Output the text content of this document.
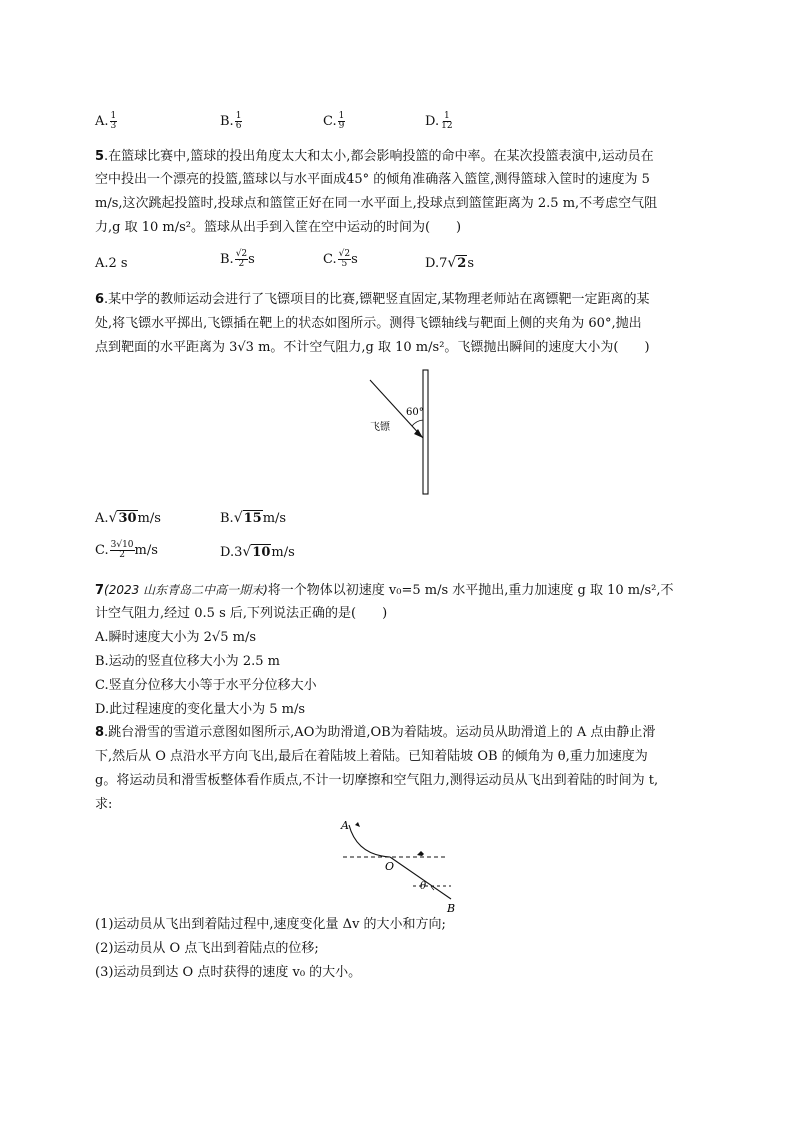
A. $\frac{1}{3}$	B. $\frac{1}{6}$	C. $\frac{1}{9}$	D. $\frac{1}{12}$
5.在篮球比赛中,篮球的投出角度太大和太小,都会影响投篮的命中率。在某次投篮表演中,运动员在
空中投出一个漂亮的投篮,篮球以与水平面成45° 的倾角准确落入篮筐,测得篮球入筐时的速度为 5
m/s,这次跳起投篮时,投球点和篮筐正好在同一水平面上,投球点到篮筐距离为 2.5 m,不考虑空气阻
力,g 取 10 m/s²。篮球从出手到入筐在空中运动的时间为(　　)
A. 2 s	B. $\frac{√2}{2}$ s	C. $\frac{√2}{5}$ s	D. 7 √ 2 s
6.某中学的教师运动会进行了飞镖项目的比赛,镖靶竖直固定,某物理老师站在离镖靶一定距离的某
处,将飞镖水平掷出,飞镖插在靶上的状态如图所示。测得飞镖轴线与靶面上侧的夹角为 60°,抛出
点到靶面的水平距离为 3√3 m。不计空气阻力,g 取 10 m/s²。飞镖抛出瞬间的速度大小为(　　)
60°
飞镖
A. √ 30 m/s	B. √ 15 m/s
C. $\frac{3√10}{2} m/s$	D. 3 √ 10 m/s
7(2023 山东青岛二中高一期末)将一个物体以初速度 v₀=5 m/s 水平抛出,重力加速度 g 取 10 m/s²,不
计空气阻力,经过 0.5 s 后,下列说法正确的是(　　)
A.瞬时速度大小为 2√5 m/s
B.运动的竖直位移大小为 2.5 m
C.竖直分位移大小等于水平分位移大小
D.此过程速度的变化量大小为 5 m/s
8.跳台滑雪的雪道示意图如图所示,AO为助滑道,OB为着陆坡。运动员从助滑道上的 A 点由静止滑
下,然后从 O 点沿水平方向飞出,最后在着陆坡上着陆。已知着陆坡 OB 的倾角为 θ,重力加速度为
g。将运动员和滑雪板整体看作质点,不计一切摩擦和空气阻力,测得运动员从飞出到着陆的时间为 t,
求:
A
O
B
θ
(1)运动员从飞出到着陆过程中,速度变化量 Δv 的大小和方向;
(2)运动员从 O 点飞出到着陆点的位移;
(3)运动员到达 O 点时获得的速度 v₀ 的大小。
